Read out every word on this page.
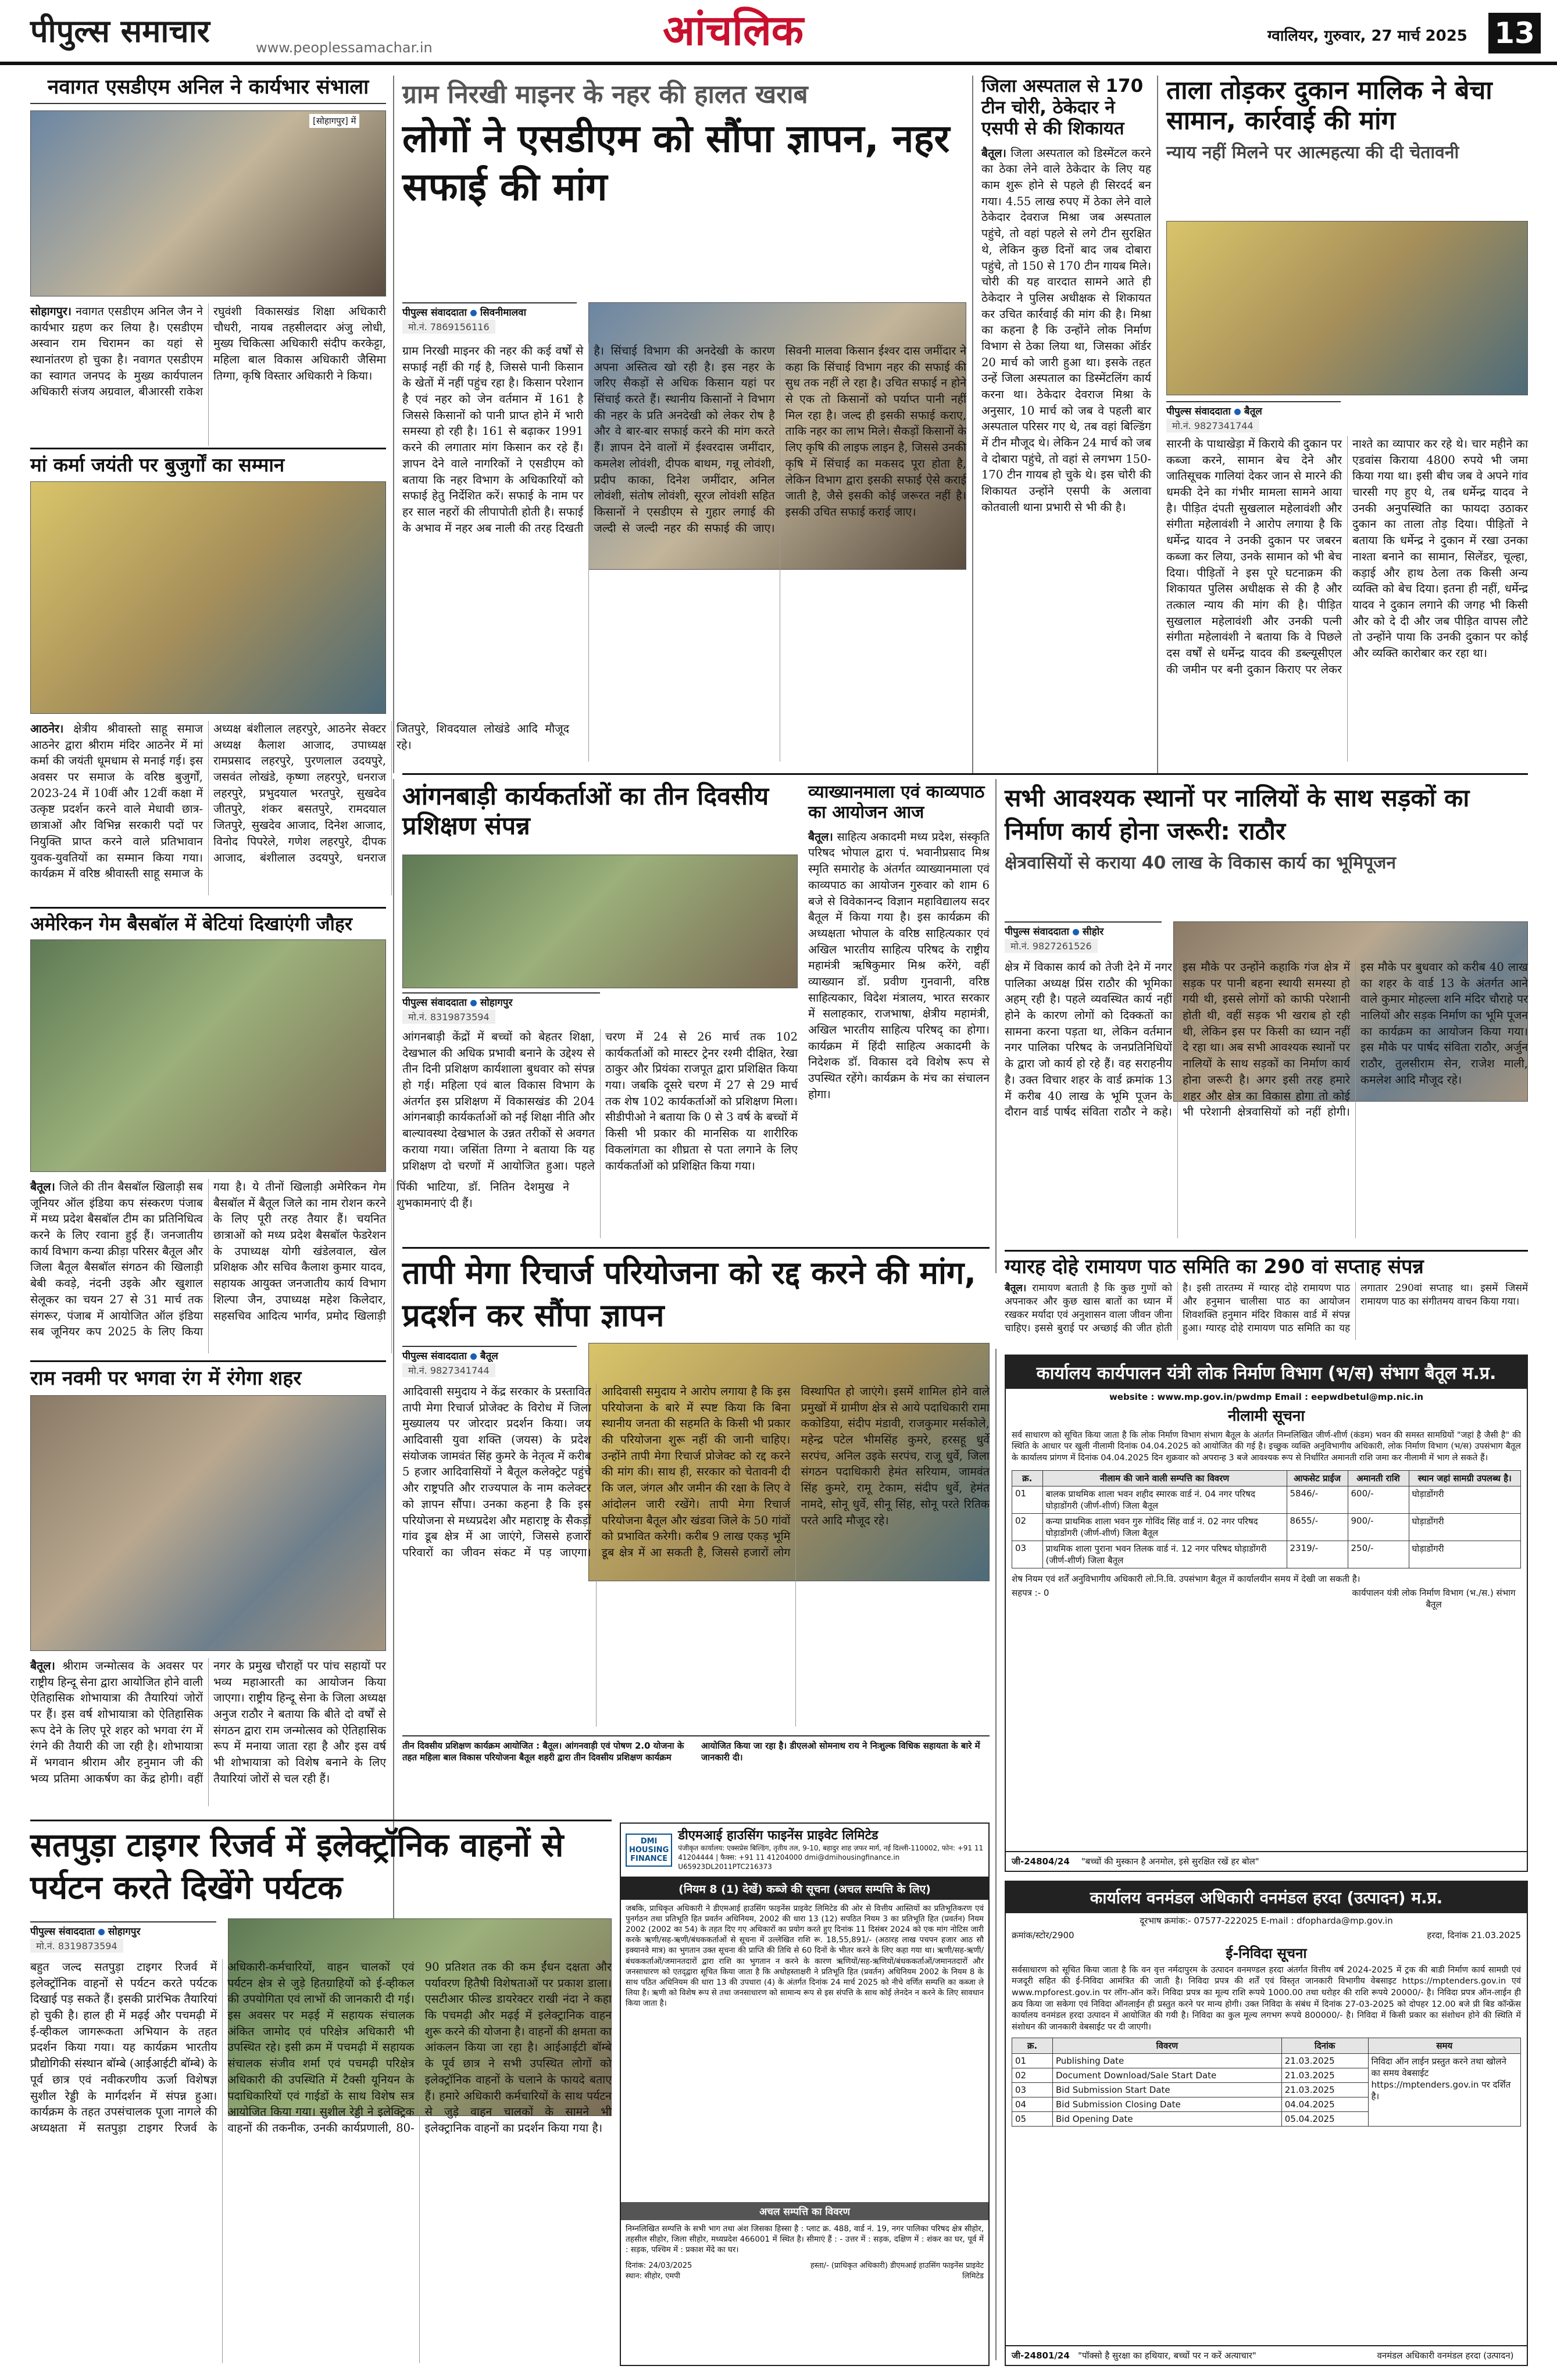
पीपुल्स समाचार	www.peoplessamachar.in	आंचलिक	ग्वालियर, गुरुवार, 27 मार्च 2025 13
नवागत एसडीएम अनिल ने कार्यभार संभाला
[सोहागपुर] में

सोहागपुर। नवागत एसडीएम अनिल जैन ने कार्यभार ग्रहण कर लिया है। एसडीएम अस्वान राम चिरामन का यहां से स्थानांतरण हो चुका है। नवागत एसडीएम का स्वागत जनपद के मुख्य कार्यपालन अधिकारी संजय अग्रवाल, बीआरसी राकेश रघुवंशी विकासखंड शिक्षा अधिकारी चौधरी, नायब तहसीलदार अंजु लोधी, मुख्य चिकित्सा अधिकारी संदीप करकेट्टा, महिला बाल विकास अधिकारी जैसिमा तिग्गा, कृषि विस्तार अधिकारी ने किया।

मां कर्मा जयंती पर बुजुर्गों का सम्मान

आठनेर। क्षेत्रीय श्रीवास्तो साहू समाज आठनेर द्वारा श्रीराम मंदिर आठनेर में मां कर्मा की जयंती धूमधाम से मनाई गई। इस अवसर पर समाज के वरिष्ठ बुजुर्गों, 2023-24 में 10वीं और 12वीं कक्षा में उत्कृष्ट प्रदर्शन करने वाले मेधावी छात्र-छात्राओं और विभिन्न सरकारी पदों पर नियुक्ति प्राप्त करने वाले प्रतिभावान युवक-युवतियों का सम्मान किया गया। कार्यक्रम में वरिष्ठ श्रीवास्ती साहू समाज के अध्यक्ष बंशीलाल लहरपुरे, आठनेर सेक्टर अध्यक्ष कैलाश आजाद, उपाध्यक्ष रामप्रसाद लहरपुरे, पुरणलाल उदयपुरे, जसवंत लोखंडे, कृष्णा लहरपुरे, धनराज लहरपुरे, प्रभुदयाल भरतपुरे, सुखदेव जीतपुरे, शंकर बसतपुरे, रामदयाल जितपुरे, सुखदेव आजाद, दिनेश आजाद, विनोद पिपरेले, गणेश लहरपुरे, दीपक आजाद, बंशीलाल उदयपुरे, धनराज जितपुरे, शिवदयाल लोखंडे आदि मौजूद रहे।

अमेरिकन गेम बैसबॉल में बेटियां दिखाएंगी जौहर

बैतूल। जिले की तीन बैसबॉल खिलाड़ी सब जूनियर ऑल इंडिया कप संस्करण पंजाब में मध्य प्रदेश बैसबॉल टीम का प्रतिनिधित्व करने के लिए रवाना हुई हैं। जनजातीय कार्य विभाग कन्या क्रीड़ा परिसर बैतूल और जिला बैतूल बैसबॉल संगठन की खिलाड़ी बेबी कवड़े, नंदनी उइके और खुशाल सेलूकर का चयन 27 से 31 मार्च तक संगरूर, पंजाब में आयोजित ऑल इंडिया सब जूनियर कप 2025 के लिए किया गया है। ये तीनों खिलाड़ी अमेरिकन गेम बैसबॉल में बैतूल जिले का नाम रोशन करने के लिए पूरी तरह तैयार हैं। चयनित छात्राओं को मध्य प्रदेश बैसबॉल फेडरेशन के उपाध्यक्ष योगी खंडेलवाल, खेल प्रशिक्षक और सचिव कैलाश कुमार यादव, सहायक आयुक्त जनजातीय कार्य विभाग शिल्पा जैन, उपाध्यक्ष महेश किलेदार, सहसचिव आदित्य भार्गव, प्रमोद खिलाड़ी पिंकी भाटिया, डॉ. नितिन देशमुख ने शुभकामनाएं दी हैं।

राम नवमी पर भगवा रंग में रंगेगा शहर

बैतूल। श्रीराम जन्मोत्सव के अवसर पर राष्ट्रीय हिन्दू सेना द्वारा आयोजित होने वाली ऐतिहासिक शोभायात्रा की तैयारियां जोरों पर हैं। इस वर्ष शोभायात्रा को ऐतिहासिक रूप देने के लिए पूरे शहर को भगवा रंग में रंगने की तैयारी की जा रही है। शोभायात्रा में भगवान श्रीराम और हनुमान जी की भव्य प्रतिमा आकर्षण का केंद्र होगी। वहीं नगर के प्रमुख चौराहों पर पांच सहायों पर भव्य महाआरती का आयोजन किया जाएगा। राष्ट्रीय हिन्दू सेना के जिला अध्यक्ष अनुज राठौर ने बताया कि बीते दो वर्षों से संगठन द्वारा राम जन्मोत्सव को ऐतिहासिक रूप में मनाया जाता रहा है और इस वर्ष भी शोभायात्रा को विशेष बनाने के लिए तैयारियां जोरों से चल रही हैं।

ग्राम निरखी माइनर के नहर की हालत खराब
लोगों ने एसडीएम को सौंपा ज्ञापन, नहर सफाई की मांग
पीपुल्स संवाददाता सिवनीमालवा
मो.नं. 7869156116
ग्राम निरखी माइनर की नहर की कई वर्षों से सफाई नहीं की गई है, जिससे पानी किसान के खेतों में नहीं पहुंच रहा है। किसान परेशान है एवं नहर को जेन वर्तमान में 161 है जिससे किसानों को पानी प्राप्त होने में भारी समस्या हो रही है। 161 से बढ़ाकर 1991 करने की लगातार मांग किसान कर रहे हैं। ज्ञापन देने वाले नागरिकों ने एसडीएम को बताया कि नहर विभाग के अधिकारियों को सफाई हेतु निर्देशित करें। सफाई के नाम पर हर साल नहरों की लीपापोती होती है। सफाई के अभाव में नहर अब नाली की तरह दिखती है। सिंचाई विभाग की अनदेखी के कारण अपना अस्तित्व खो रही है। इस नहर के जरिए सैकड़ों से अधिक किसान यहां पर सिंचाई करते हैं। स्थानीय किसानों ने विभाग की नहर के प्रति अनदेखी को लेकर रोष है और वे बार-बार सफाई करने की मांग करते हैं। ज्ञापन देने वालों में ईश्वरदास जमींदार, कमलेश लोवंशी, दीपक बाथम, गन्नू लोवंशी, प्रदीप काका, दिनेश जमींदार, अनिल लोवंशी, संतोष लोवंशी, सूरज लोवंशी सहित किसानों ने एसडीएम से गुहार लगाई की जल्दी से जल्दी नहर की सफाई की जाए। सिवनी मालवा किसान ईश्वर दास जमींदार ने कहा कि सिंचाई विभाग नहर की सफाई की सुध तक नहीं ले रहा है। उचित सफाई न होने से एक तो किसानों को पर्याप्त पानी नहीं मिल रहा है। जल्द ही इसकी सफाई कराए, ताकि नहर का लाभ मिले। सैकड़ों किसानों के लिए कृषि की लाइफ लाइन है, जिससे उनकी कृषि में सिंचाई का मकसद पूरा होता है, लेकिन विभाग द्वारा इसकी सफाई ऐसे कराई जाती है, जैसे इसकी कोई जरूरत नहीं है। इसकी उचित सफाई कराई जाए।
जिला अस्पताल से 170 टीन चोरी, ठेकेदार ने एसपी से की शिकायत

बैतूल। जिला अस्पताल को डिस्मेंटल करने का ठेका लेने वाले ठेकेदार के लिए यह काम शुरू होने से पहले ही सिरदर्द बन गया। 4.55 लाख रुपए में ठेका लेने वाले ठेकेदार देवराज मिश्रा जब अस्पताल पहुंचे, तो वहां पहले से लगे टीन सुरक्षित थे, लेकिन कुछ दिनों बाद जब दोबारा पहुंचे, तो 150 से 170 टीन गायब मिले। चोरी की यह वारदात सामने आते ही ठेकेदार ने पुलिस अधीक्षक से शिकायत कर उचित कार्रवाई की मांग की है। मिश्रा का कहना है कि उन्होंने लोक निर्माण विभाग से ठेका लिया था, जिसका ऑर्डर 20 मार्च को जारी हुआ था। इसके तहत उन्हें जिला अस्पताल का डिस्मेंटलिंग कार्य करना था। ठेकेदार देवराज मिश्रा के अनुसार, 10 मार्च को जब वे पहली बार अस्पताल परिसर गए थे, तब वहां बिल्डिंग में टीन मौजूद थे। लेकिन 24 मार्च को जब वे दोबारा पहुंचे, तो वहां से लगभग 150-170 टीन गायब हो चुके थे। इस चोरी की शिकायत उन्होंने एसपी के अलावा कोतवाली थाना प्रभारी से भी की है।

ताला तोड़कर दुकान मालिक ने बेचा सामान, कार्रवाई की मांग
न्याय नहीं मिलने पर आत्महत्या की दी चेतावनी
पीपुल्स संवाददाता बैतूल
मो.नं. 9827341744
सारनी के पाथाखेड़ा में किराये की दुकान पर कब्जा करने, सामान बेच देने और जातिसूचक गालियां देकर जान से मारने की धमकी देने का गंभीर मामला सामने आया है। पीड़ित दंपती सुखलाल महेलावंशी और संगीता महेलावंशी ने आरोप लगाया है कि धर्मेन्द्र यादव ने उनकी दुकान पर जबरन कब्जा कर लिया, उनके सामान को भी बेच दिया। पीड़ितों ने इस पूरे घटनाक्रम की शिकायत पुलिस अधीक्षक से की है और तत्काल न्याय की मांग की है। पीड़ित सुखलाल महेलावंशी और उनकी पत्नी संगीता महेलावंशी ने बताया कि वे पिछले दस वर्षों से धर्मेन्द्र यादव की डब्ल्यूसीएल की जमीन पर बनी दुकान किराए पर लेकर नाश्ते का व्यापार कर रहे थे। चार महीने का एडवांस किराया 4800 रुपये भी जमा किया गया था। इसी बीच जब वे अपने गांव चारसी गए हुए थे, तब धर्मेन्द्र यादव ने उनकी अनुपस्थिति का फायदा उठाकर दुकान का ताला तोड़ दिया। पीड़ितों ने बताया कि धर्मेन्द्र ने दुकान में रखा उनका नाश्ता बनाने का सामान, सिलेंडर, चूल्हा, कड़ाई और हाथ ठेला तक किसी अन्य व्यक्ति को बेच दिया। इतना ही नहीं, धर्मेन्द्र यादव ने दुकान लगाने की जगह भी किसी और को दे दी और जब पीड़ित वापस लौटे तो उन्होंने पाया कि उनकी दुकान पर कोई और व्यक्ति कारोबार कर रहा था।
आंगनबाड़ी कार्यकर्ताओं का तीन दिवसीय प्रशिक्षण संपन्न
पीपुल्स संवाददाता सोहागपुर
मो.नं. 8319873594
आंगनबाड़ी केंद्रों में बच्चों को बेहतर शिक्षा, देखभाल की अधिक प्रभावी बनाने के उद्देश्य से तीन दिनी प्रशिक्षण कार्यशाला बुधवार को संपन्न हो गई। महिला एवं बाल विकास विभाग के अंतर्गत इस प्रशिक्षण में विकासखंड की 204 आंगनबाड़ी कार्यकर्ताओं को नई शिक्षा नीति और बाल्यावस्था देखभाल के उन्नत तरीकों से अवगत कराया गया। जसिंता तिग्गा ने बताया कि यह प्रशिक्षण दो चरणों में आयोजित हुआ। पहले चरण में 24 से 26 मार्च तक 102 कार्यकर्ताओं को मास्टर ट्रेनर रश्मी दीक्षित, रेखा ठाकुर और प्रियंका राजपूत द्वारा प्रशिक्षित किया गया। जबकि दूसरे चरण में 27 से 29 मार्च तक शेष 102 कार्यकर्ताओं को प्रशिक्षण मिला। सीडीपीओ ने बताया कि 0 से 3 वर्ष के बच्चों में किसी भी प्रकार की मानसिक या शारीरिक विकलांगता का शीघ्रता से पता लगाने के लिए कार्यकर्ताओं को प्रशिक्षित किया गया।
व्याख्यानमाला एवं काव्यपाठ का आयोजन आज

बैतूल। साहित्य अकादमी मध्य प्रदेश, संस्कृति परिषद भोपाल द्वारा पं. भवानीप्रसाद मिश्र स्मृति समारोह के अंतर्गत व्याख्यानमाला एवं काव्यपाठ का आयोजन गुरुवार को शाम 6 बजे से विवेकानन्द विज्ञान महाविद्यालय सदर बैतूल में किया गया है। इस कार्यक्रम की अध्यक्षता भोपाल के वरिष्ठ साहित्यकार एवं अखिल भारतीय साहित्य परिषद के राष्ट्रीय महामंत्री ऋषिकुमार मिश्र करेंगे, वहीं व्याख्यान डॉ. प्रवीण गुनवानी, वरिष्ठ साहित्यकार, विदेश मंत्रालय, भारत सरकार में सलाहकार, राजभाषा, क्षेत्रीय महामंत्री, अखिल भारतीय साहित्य परिषद् का होगा। कार्यक्रम में हिंदी साहित्य अकादमी के निदेशक डॉ. विकास दवे विशेष रूप से उपस्थित रहेंगे। कार्यक्रम के मंच का संचालन होगा।

सभी आवश्यक स्थानों पर नालियों के साथ सड़कों का निर्माण कार्य होना जरूरी: राठौर
क्षेत्रवासियों से कराया 40 लाख के विकास कार्य का भूमिपूजन
पीपुल्स संवाददाता सीहोर
मो.नं. 9827261526
क्षेत्र में विकास कार्य को तेजी देने में नगर पालिका अध्यक्ष प्रिंस राठौर की भूमिका अहम् रही है। पहले व्यवस्थित कार्य नहीं होने के कारण लोगों को दिक्कतों का सामना करना पड़ता था, लेकिन वर्तमान नगर पालिका परिषद के जनप्रतिनिधियों के द्वारा जो कार्य हो रहे हैं। वह सराहनीय है। उक्त विचार शहर के वार्ड क्रमांक 13 में करीब 40 लाख के भूमि पूजन के दौरान वार्ड पार्षद संविता राठौर ने कहे। इस मौके पर उन्होंने कहाकि गंज क्षेत्र में सड़क पर पानी बहना स्थायी समस्या हो गयी थी, इससे लोगों को काफी परेशानी होती थी, वहीं सड़क भी खराब हो रही थी, लेकिन इस पर किसी का ध्यान नहीं दे रहा था। अब सभी आवश्यक स्थानों पर नालियों के साथ सड़कों का निर्माण कार्य होना जरूरी है। अगर इसी तरह हमारे शहर और क्षेत्र का विकास होगा तो कोई भी परेशानी क्षेत्रवासियों को नहीं होगी। इस मौके पर बुधवार को करीब 40 लाख का शहर के वार्ड 13 के अंतर्गत आने वाले कुमार मोहल्ला शनि मंदिर चौराहे पर नालियों और सड़क निर्माण का भूमि पूजन का कार्यक्रम का आयोजन किया गया। इस मौके पर पार्षद संविता राठौर, अर्जुन राठौर, तुलसीराम सेन, राजेश माली, कमलेश आदि मौजूद रहे।
ग्यारह दोहे रामायण पाठ समिति का 290 वां सप्ताह संपन्न

बैतूल। रामायण बताती है कि कुछ गुणों को अपनाकर और कुछ खास बातों का ध्यान में रखकर मर्यादा एवं अनुशासन वाला जीवन जीना चाहिए। इससे बुराई पर अच्छाई की जीत होती है। इसी तारतम्य में ग्यारह दोहे रामायण पाठ और हनुमान चालीसा पाठ का आयोजन शिवशक्ति हनुमान मंदिर विकास वार्ड में संपन्न हुआ। ग्यारह दोहे रामायण पाठ समिति का यह लगातार 290वां सप्ताह था। इसमें जिसमें रामायण पाठ का संगीतमय वाचन किया गया।

तापी मेगा रिचार्ज परियोजना को रद्द करने की मांग, प्रदर्शन कर सौंपा ज्ञापन
पीपुल्स संवाददाता बैतूल
मो.नं. 9827341744
आदिवासी समुदाय ने केंद्र सरकार के प्रस्तावित तापी मेगा रिचार्ज प्रोजेक्ट के विरोध में जिला मुख्यालय पर जोरदार प्रदर्शन किया। जय आदिवासी युवा शक्ति (जयस) के प्रदेश संयोजक जामवंत सिंह कुमरे के नेतृत्व में करीब 5 हजार आदिवासियों ने बैतूल कलेक्ट्रेट पहुंचे और राष्ट्रपति और राज्यपाल के नाम कलेक्टर को ज्ञापन सौंपा। उनका कहना है कि इस परियोजना से मध्यप्रदेश और महाराष्ट्र के सैकड़ों गांव डूब क्षेत्र में आ जाएंगे, जिससे हजारों परिवारों का जीवन संकट में पड़ जाएगा। आदिवासी समुदाय ने आरोप लगाया है कि इस परियोजना के बारे में स्पष्ट किया कि बिना स्थानीय जनता की सहमति के किसी भी प्रकार की परियोजना शुरू नहीं की जानी चाहिए। उन्होंने तापी मेगा रिचार्ज प्रोजेक्ट को रद्द करने की मांग की। साथ ही, सरकार को चेतावनी दी कि जल, जंगल और जमीन की रक्षा के लिए वे आंदोलन जारी रखेंगे। तापी मेगा रिचार्ज परियोजना बैतूल और खंडवा जिले के 50 गांवों को प्रभावित करेगी। करीब 9 लाख एकड़ भूमि डूब क्षेत्र में आ सकती है, जिससे हजारों लोग विस्थापित हो जाएंगे। इसमें शामिल होने वाले प्रमुखों में ग्रामीण क्षेत्र से आये पदाधिकारी रामा ककोडिया, संदीप मंडावी, राजकुमार मर्सकोले, महेन्द्र पटेल भीमसिंह कुमरे, हरसहू धुर्वे सरपंच, अनिल उइके सरपंच, राजू धुर्वे, जिला संगठन पदाधिकारी हेमंत सरियाम, जामवंत सिंह कुमरे, रामू टेकाम, संदीप धुर्वे, हेमंत नामदे, सोनू धुर्वे, सीनू सिंह, सोनू परते रितिक परते आदि मौजूद रहे।
तीन दिवसीय प्रशिक्षण कार्यक्रम आयोजित : बैतूल। आंगनवाड़ी एवं पोषण 2.0 योजना के तहत महिला बाल विकास परियोजना बैतूल शहरी द्वारा तीन दिवसीय प्रशिक्षण कार्यक्रम आयोजित किया जा रहा है। डीएलओ सोमनाथ राय ने निःशुल्क विधिक सहायता के बारे में जानकारी दी।
सतपुड़ा टाइगर रिजर्व में इलेक्ट्रॉनिक वाहनों से पर्यटन करते दिखेंगे पर्यटक
पीपुल्स संवाददाता सोहागपुर
मो.नं. 8319873594
बहुत जल्द सतपुड़ा टाइगर रिजर्व में इलेक्ट्रॉनिक वाहनों से पर्यटन करते पर्यटक दिखाई पड़ सकते हैं। इसकी प्रारंभिक तैयारियां हो चुकी है। हाल ही में मढ़ई और पचमढ़ी में ई-व्हीकल जागरूकता अभियान के तहत प्रदर्शन किया गया। यह कार्यक्रम भारतीय प्रौद्योगिकी संस्थान बॉम्बे (आईआईटी बॉम्बे) के पूर्व छात्र एवं नवीकरणीय ऊर्जा विशेषज्ञ सुशील रेड्डी के मार्गदर्शन में संपन्न हुआ। कार्यक्रम के तहत उपसंचालक पूजा नागले की अध्यक्षता में सतपुड़ा टाइगर रिजर्व के अधिकारी-कर्मचारियों, वाहन चालकों एवं पर्यटन क्षेत्र से जुड़े हितग्राहियों को ई-व्हीकल की उपयोगिता एवं लाभों की जानकारी दी गई। इस अवसर पर मढ़ई में सहायक संचालक अंकित जामोद एवं परिक्षेत्र अधिकारी भी उपस्थित रहे। इसी क्रम में पचमढ़ी में सहायक संचालक संजीव शर्मा एवं पचमढ़ी परिक्षेत्र अधिकारी की उपस्थिति में टैक्सी यूनियन के पदाधिकारियों एवं गाईडों के साथ विशेष सत्र आयोजित किया गया। सुशील रेड्डी ने इलेक्ट्रिक वाहनों की तकनीक, उनकी कार्यप्रणाली, 80-90 प्रतिशत तक की कम ईंधन दक्षता और पर्यावरण हितैषी विशेषताओं पर प्रकाश डाला। एसटीआर फील्ड डायरेक्टर राखी नंदा ने कहा कि पचमढ़ी और मढ़ई में इलेक्ट्रानिक वाहन शुरू करने की योजना है। वाहनों की क्षमता का आंकलन किया जा रहा है। आईआईटी बॉम्बे के पूर्व छात्र ने सभी उपस्थित लोगों को इलेक्ट्रॉनिक वाहनों के चलाने के फायदे बताए हैं। हमारे अधिकारी कर्मचारियों के साथ पर्यटन से जुड़े वाहन चालकों के सामने भी इलेक्ट्रानिक वाहनों का प्रदर्शन किया गया है।
DMI HOUSING FINANCE
डीएमआई हाउसिंग फाइनेंस प्राइवेट लिमिटेड
पंजीकृत कार्यालय: एक्सप्रेस बिल्डिंग, तृतीय तल, 9-10, बहादुर शाह ज़फर मार्ग, नई दिल्ली-110002, फोन: +91 11 41204444 | फैक्स: +91 11 41204000 dmi@dmihousingfinance.in U65923DL2011PTC216373
(नियम 8 (1) देखें) कब्जे की सूचना (अचल सम्पत्ति के लिए)
जबकि, प्राधिकृत अधिकारी ने डीएमआई हाउसिंग फाइनेंस प्राइवेट लिमिटेड की ओर से वित्तीय आस्तियों का प्रतिभूतिकरण एवं पुनर्गठन तथा प्रतिभूति हित प्रवर्तन अधिनियम, 2002 की धारा 13 (12) सपठित नियम 3 का प्रतिभूति हित (प्रवर्तन) नियम 2002 (2002 का 54) के तहत दिए गए अधिकारों का प्रयोग करते हुए दिनांक 11 दिसंबर 2024 को एक मांग नोटिस जारी करके ऋणी/सह-ऋणी/बंधककर्ताओं से सूचना में उल्लेखित राशि रू. 18,55,891/- (अठारह लाख पचपन हजार आठ सौ इक्यानवे मात्र) का भुगतान उक्त सूचना की प्राप्ति की तिथि से 60 दिनों के भीतर करने के लिए कहा गया था। ऋणी/सह-ऋणी/बंधककर्ताओं/जमानतदारों द्वारा राशि का भुगतान न करने के कारण ऋणियों/सह-ऋणियों/बंधककर्ताओं/जमानतदारों और जनसाधारण को एतद्‌द्वारा सूचित किया जाता है कि अधोहस्ताक्षरी ने प्रतिभूति हित (प्रवर्तन) अधिनियम 2002 के नियम 8 के साथ पठित अधिनियम की धारा 13 की उपधारा (4) के अंतर्गत दिनांक 24 मार्च 2025 को नीचे वर्णित सम्पत्ति का कब्जा ले लिया है। ऋणी को विशेष रूप से तथा जनसाधारण को सामान्य रूप से इस संपत्ति के साथ कोई लेनदेन न करने के लिए सावधान किया जाता है।
अचल सम्पत्ति का विवरण
निम्नलिखित सम्पत्ति के सभी भाग तथा अंश जिसका हिस्सा है : प्लाट क्र. 488, वार्ड नं. 19, नगर पालिका परिषद क्षेत्र सीहोर, तहसील सीहोर, जिला सीहोर, मध्यप्रदेश 466001 में स्थित है। सीमाएं हैं : - उत्तर में : सड़क, दक्षिण में : शंकर का घर, पूर्व में : सड़क, पश्चिम में : प्रकाश मेंदे का घर।
दिनांक: 24/03/2025
स्थान: सीहोर, एमपी
हस्ता/- (प्राधिकृत अधिकारी) डीएमआई हाउसिंग फाइनेंस प्राइवेट लिमिटेड
कार्यालय कार्यपालन यंत्री लोक निर्माण विभाग (भ/स) संभाग बैतूल म.प्र.
website : www.mp.gov.in/pwdmp Email : eepwdbetul@mp.nic.in
नीलामी सूचना
सर्व साधारण को सूचित किया जाता है कि लोक निर्माण विभाग संभाग बैतूल के अंतर्गत निम्नलिखित जीर्ण-शीर्ण (कंडम) भवन की समस्त सामग्रियों "जहां है जैसी है" की स्थिति के आधार पर खुली नीलामी दिनांक 04.04.2025 को आयोजित की गई है। इच्छुक व्यक्ति अनुविभागीय अधिकारी, लोक निर्माण विभाग (भ/स) उपसंभाग बैतूल के कार्यालय प्रांगण में दिनांक 04.04.2025 दिन शुक्रवार को अपरान्ह 3 बजे आवश्यक रूप से निर्धारित अमानती राशि जमा कर नीलामी में भाग ले सकते हैं।
क्र.	नीलाम की जाने वाली सम्पत्ति का विवरण	आफसेट प्राईज	अमानती राशि	स्थान जहां सामग्री उपलब्ध है।
01	बालक प्राथमिक शाला भवन शहीद स्मारक वार्ड नं. 04 नगर परिषद घोड़ाडोंगरी (जीर्ण-शीर्ण) जिला बैतूल	5846/-	600/-	घोड़ाडोंगरी
02	कन्या प्राथमिक शाला भवन गुरु गोविंद सिंह वार्ड नं. 02 नगर परिषद घोड़ाडोंगरी (जीर्ण-शीर्ण) जिला बैतूल	8655/-	900/-	घोड़ाडोंगरी
03	प्राथमिक शाला पुराना भवन तिलक वार्ड नं. 12 नगर परिषद घोड़ाडोंगरी (जीर्ण-शीर्ण) जिला बैतूल	2319/-	250/-	घोड़ाडोंगरी
शेष नियम एवं शर्तें अनुविभागीय अधिकारी लो.नि.वि. उपसंभाग बैतूल में कार्यालयीन समय में देखी जा सकती है।
सहपत्र :- 0	कार्यपालन यंत्री लोक निर्माण विभाग (भ./स.) संभाग बैतूल
जी-24804/24 "बच्चों की मुस्कान है अनमोल, इसे सुरक्षित रखें हर बोल"
कार्यालय वनमंडल अधिकारी वनमंडल हरदा (उत्पादन) म.प्र.
दूरभाष क्रमांक:- 07577-222025 E-mail : dfopharda@mp.gov.in
क्रमांक/स्टोर/2900	हरदा, दिनांक 21.03.2025
ई-निविदा सूचना
सर्वसाधारण को सूचित किया जाता है कि वन वृत्त नर्मदापुरम के उत्पादन वनमण्डल हरदा अंतर्गत वित्तीय वर्ष 2024-2025 में ट्रक की बाडी निर्माण कार्य सामग्री एवं मजदूरी सहित की ई-निविदा आमंत्रित की जाती है। निविदा प्रपत्र की शर्तें एवं विस्तृत जानकारी विभागीय वेबसाइट https://mptenders.gov.in एवं www.mpforest.gov.in पर लॉग-ऑन करें। निविदा प्रपत्र का मूल्य राशि रूपये 1000.00 तथा धरोहर की राशि रूपये 20000/- है। निविदा प्रपत्र ऑन-लाईन ही क्रय किया जा सकेगा एवं निविदा ऑनलाईन ही प्रस्तुत करने पर मान्य होगी। उक्त निविदा के संबंध में दिनांक 27-03-2025 को दोपहर 12.00 बजे प्री बिड कॉन्फ्रेंस कार्यालय वनमंडल हरदा उत्पादन में आयोजित की गयी है। निविदा का कुल मूल्य लगभग रूपये 800000/- है। निविदा में किसी प्रकार का संशोधन होने की स्थिति में संशोधन की जानकारी वेबसाईट पर दी जाएगी।
क्र.	विवरण	दिनांक	समय
01	Publishing Date	21.03.2025	निविदा ऑन लाईन प्रस्तुत करने तथा खोलने का समय वेबसाईट https://mptenders.gov.in पर दर्शित है।
02	Document Download/Sale Start Date	21.03.2025	
03	Bid Submission Start Date	21.03.2025	
04	Bid Submission Closing Date	04.04.2025	
05	Bid Opening Date	05.04.2025	
जी-24801/24 "पॉक्सो है सुरक्षा का हथियार, बच्चों पर न करें अत्याचार"	वनमंडल अधिकारी वनमंडल हरदा (उत्पादन)
